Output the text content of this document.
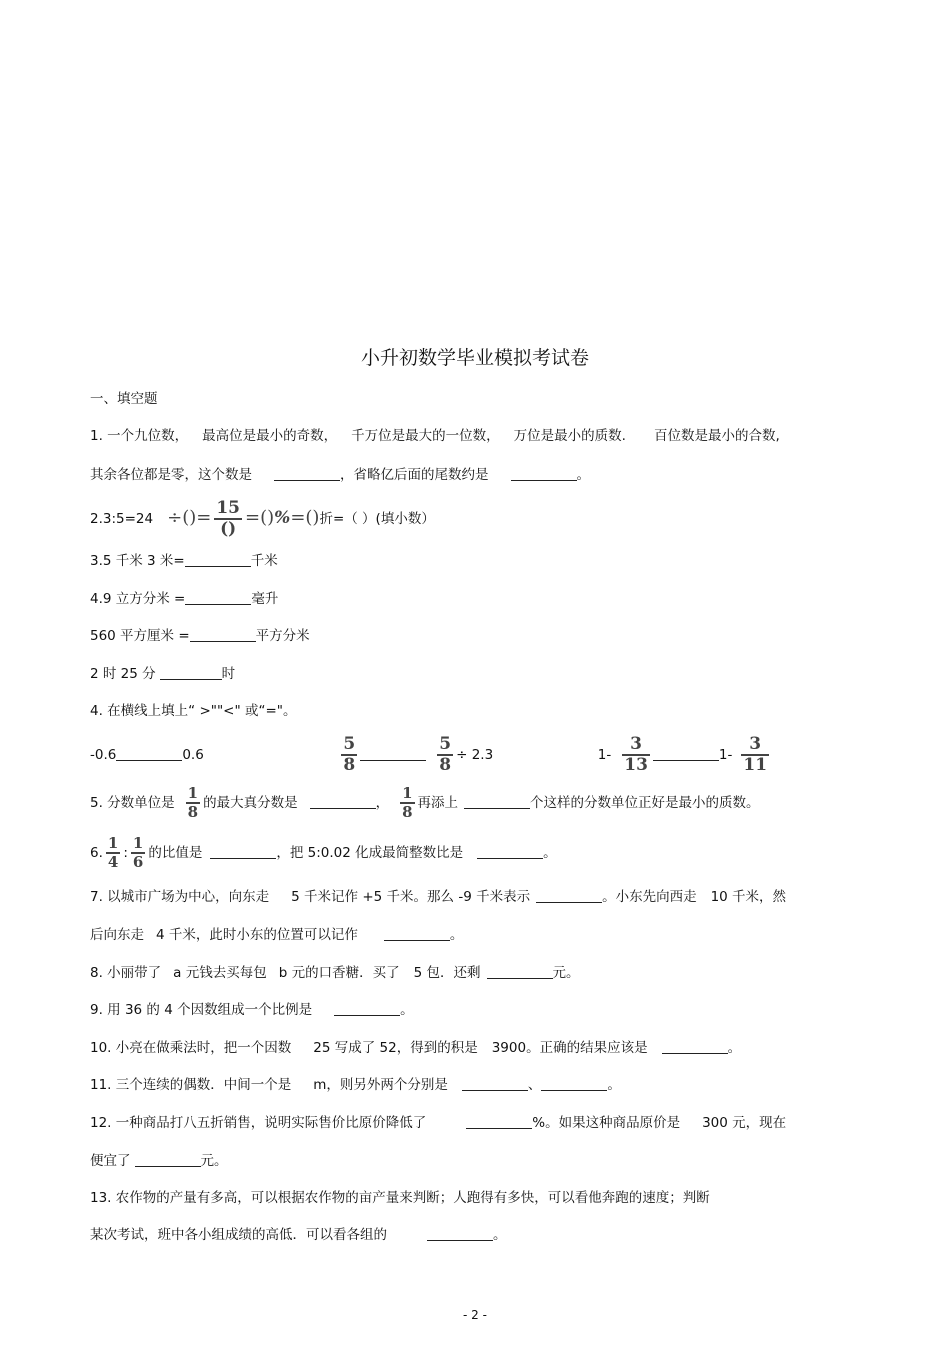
小升初数学毕业模拟考试卷
一、填空题
1. 一个九位数， 最高位是最小的奇数， 千万位是最大的一位数， 万位是最小的质数. 百位数是最小的合数,
其余各位都是零，这个数是	，省略亿后面的尾数约是	。
2.3:5=24 ÷()= $\frac{15}{()}$ =()%=()折=（ ）(填小数）
3.5 千米 3 米=	千米
4.9 立方分米 =	毫升
560 平方厘米 =	平方分米
2 时 25 分	时
4. 在横线上填上“ >""<" 或“="。
-0.6	0.6	$\frac{5}{8}$	$\frac{5}{8} \div 2.3$	$1- \frac{3}{13}$	$1- \frac{3}{11}$
5. 分数单位是 $\frac{1}{8}$ 的最大真分数是	， $\frac{1}{8}$ 再添上	个这样的分数单位正好是最小的质数。
6. $\frac{1}{4}$ : $\frac{1}{6}$ 的比值是	，把 5:0.02 化成最简整数比是	。
7. 以城市广场为中心，向东走 5 千米记作 +5 千米。那么 -9 千米表示	。小东先向西走 10 千米，然
后向东走 4 千米，此时小东的位置可以记作	。
8. 小丽带了 a 元钱去买每包 b 元的口香糖．买了 5 包．还剩	元。
9. 用 36 的 4 个因数组成一个比例是	。
10. 小亮在做乘法时，把一个因数 25 写成了 52，得到的积是 3900。正确的结果应该是	。
11. 三个连续的偶数．中间一个是 m，则另外两个分别是	、	。
12. 一种商品打八五折销售，说明实际售价比原价降低了	%。如果这种商品原价是 300 元，现在
便宜了	元。
13. 农作物的产量有多高，可以根据农作物的亩产量来判断；人跑得有多快，可以看他奔跑的速度；判断
某次考试，班中各小组成绩的高低．可以看各组的	。
- 2 -
